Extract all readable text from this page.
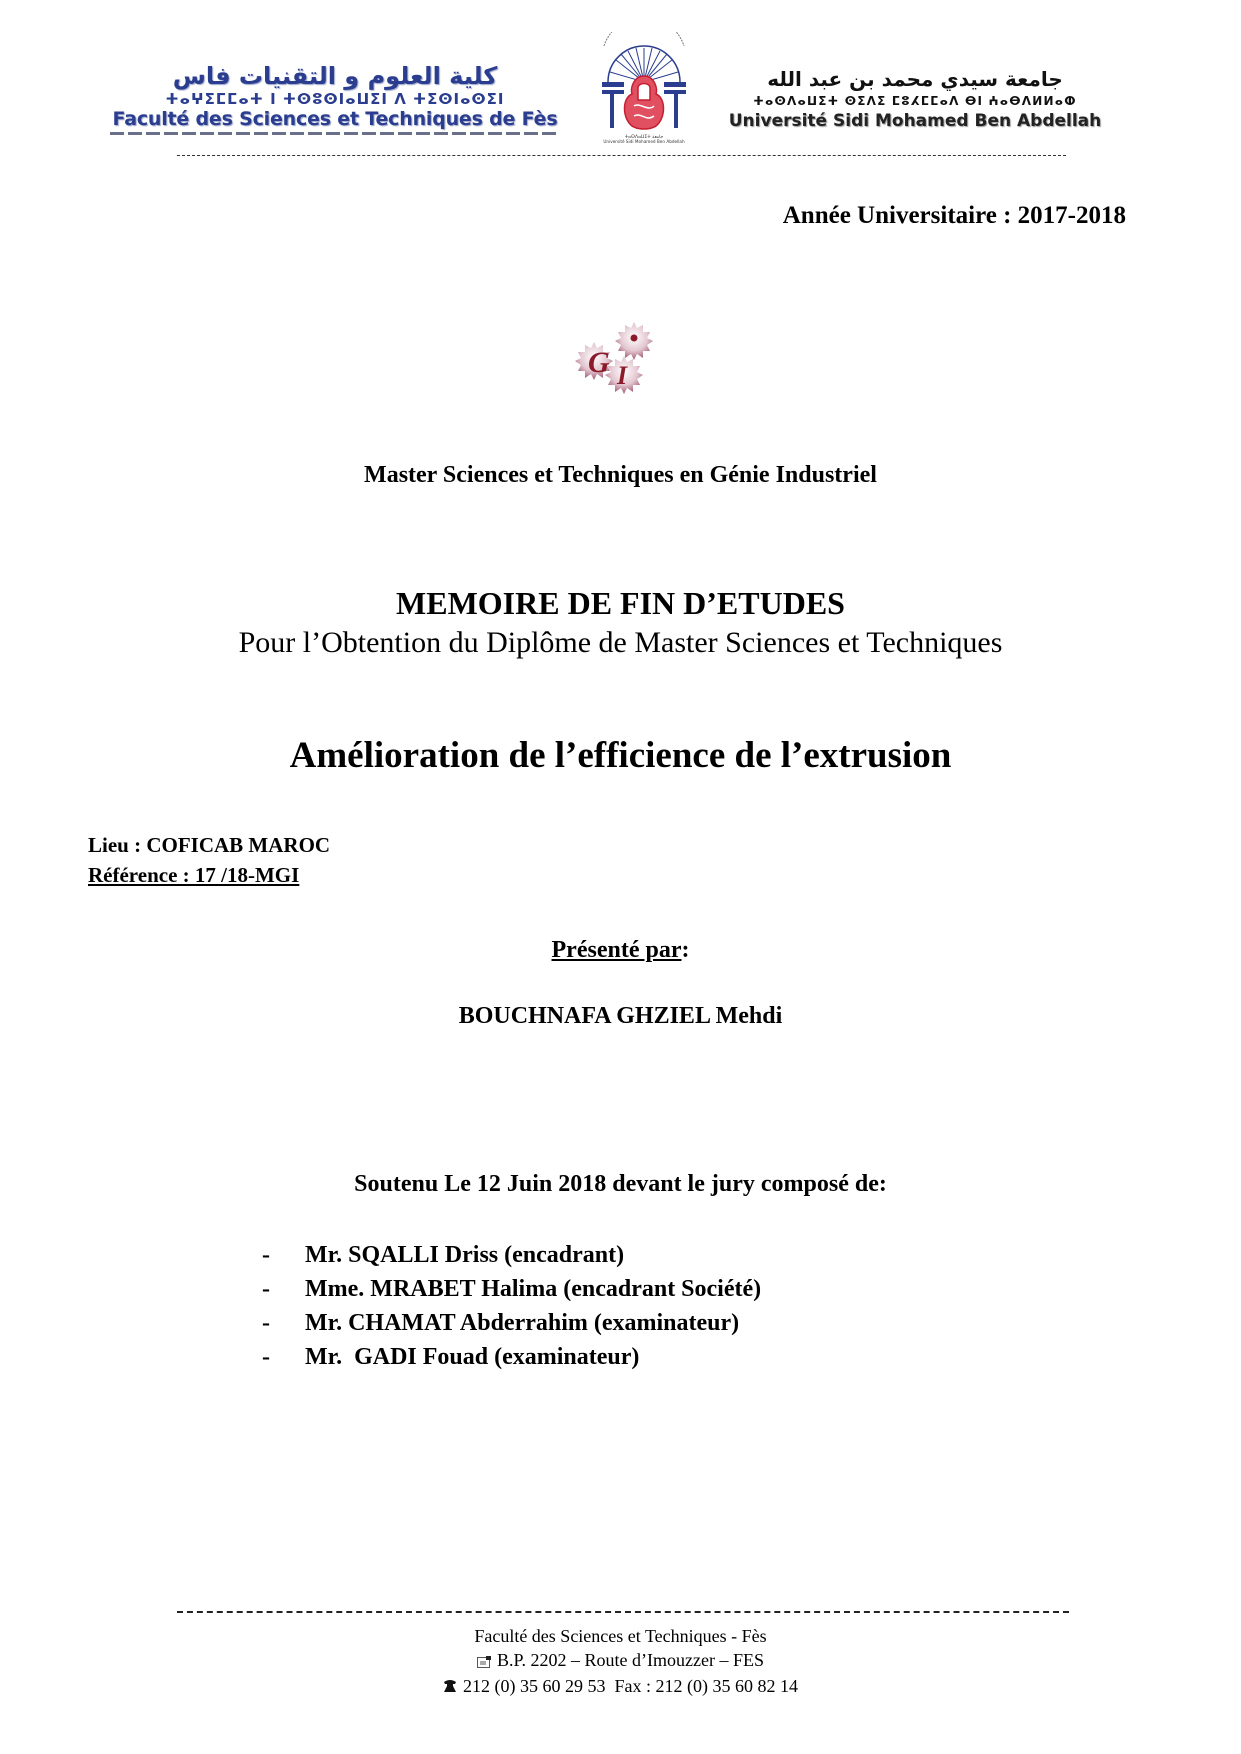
كلية العلوم و التقنيات فاس
ⵜⴰⵖⵉⵎⵎⴰⵜ ⵏ ⵜⵙⵓⵙⵏⴰⵡⵉⵏ ⴷ ⵜⵉⵙⵏⴰⵙⵉⵏ
Faculté des Sciences et Techniques de Fès
ⵜⴰⵙⴷⴰⵡⵉⵜ جامعة
Université Sidi Mohamed Ben Abdellah
جامعة سيدي محمد بن عبد الله
ⵜⴰⵙⴷⴰⵡⵉⵜ ⵙⵉⴷⵉ ⵎⵓⵃⵎⵎⴰⴷ ⴱⵏ ⵄⴰⴱⴷⵍⵍⴰⵀ
Université Sidi Mohamed Ben Abdellah
Année Universitaire : 2017-2018
G I
Master Sciences et Techniques en Génie Industriel
MEMOIRE DE FIN D’ETUDES
Pour l’Obtention du Diplôme de Master Sciences et Techniques
Amélioration de l’efficience de l’extrusion
Lieu : COFICAB MAROC
Référence : 17 /18-MGI
Présenté par:
BOUCHNAFA GHZIEL Mehdi
Soutenu Le 12 Juin 2018 devant le jury composé de:
-	Mr. SQALLI Driss (encadrant)
-	Mme. MRABET Halima (encadrant Société)
-	Mr. CHAMAT Abderrahim (examinateur)
-	Mr.  GADI Fouad (examinateur)
Faculté des Sciences et Techniques - Fès
B.P. 2202 – Route d’Imouzzer – FES
212 (0) 35 60 29 53  Fax : 212 (0) 35 60 82 14
